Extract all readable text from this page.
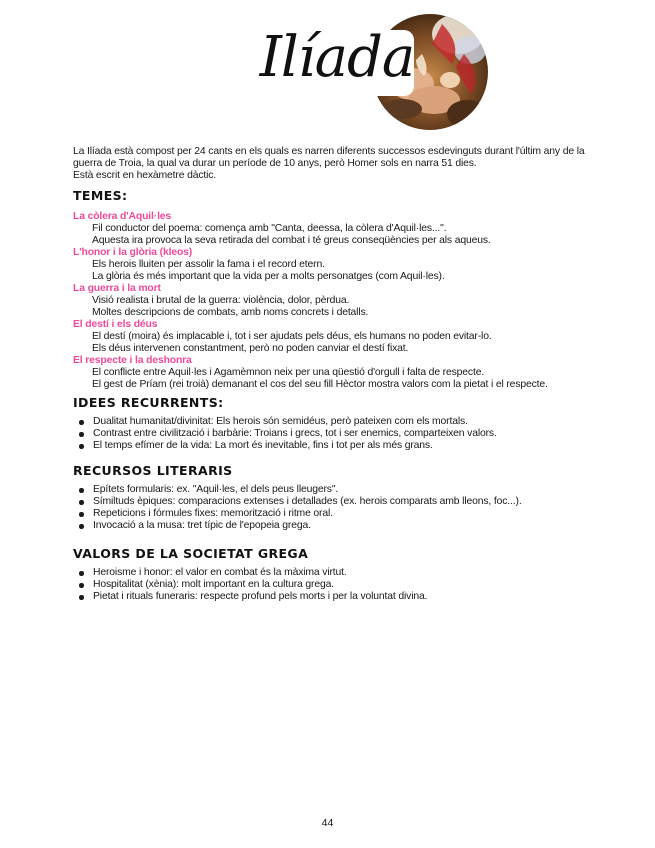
Ilíada

La Ilíada està compost per 24 cants en els quals es narren diferents successos esdevinguts durant l'últim any de la guerra de Troia, la qual va durar un període de 10 anys, però Homer sols en narra 51 dies.

Està escrit en hexàmetre dàctic.

TEMES:

La còlera d'Aquil·les

Fil conductor del poema: comença amb "Canta, deessa, la còlera d'Aquil·les...".

Aquesta ira provoca la seva retirada del combat i té greus conseqüències per als aqueus.

L'honor i la glòria (kleos)

Els herois lluiten per assolir la fama i el record etern.

La glòria és més important que la vida per a molts personatges (com Aquil·les).

La guerra i la mort

Visió realista i brutal de la guerra: violència, dolor, pèrdua.

Moltes descripcions de combats, amb noms concrets i detalls.

El destí i els déus

El destí (moira) és implacable i, tot i ser ajudats pels déus, els humans no poden evitar-lo.

Els déus intervenen constantment, però no poden canviar el destí fixat.

El respecte i la deshonra

El conflicte entre Aquil·les i Agamèmnon neix per una qüestió d'orgull i falta de respecte.

El gest de Príam (rei troià) demanant el cos del seu fill Hèctor mostra valors com la pietat i el respecte.

IDEES RECURRENTS:
Dualitat humanitat/divinitat: Els herois són semidéus, però pateixen com els mortals.
Contrast entre civilització i barbàrie: Troians i grecs, tot i ser enemics, comparteixen valors.
El temps efímer de la vida: La mort és inevitable, fins i tot per als més grans.
RECURSOS LITERARIS
Epítets formularis: ex. "Aquil·les, el dels peus lleugers".
Símiltuds èpiques: comparacions extenses i detallades (ex. herois comparats amb lleons, foc...).
Repeticions i fórmules fixes: memorització i ritme oral.
Invocació a la musa: tret típic de l'epopeia grega.
VALORS DE LA SOCIETAT GREGA
Heroisme i honor: el valor en combat és la màxima virtut.
Hospitalitat (xènia): molt important en la cultura grega.
Pietat i rituals funeraris: respecte profund pels morts i per la voluntat divina.
44
